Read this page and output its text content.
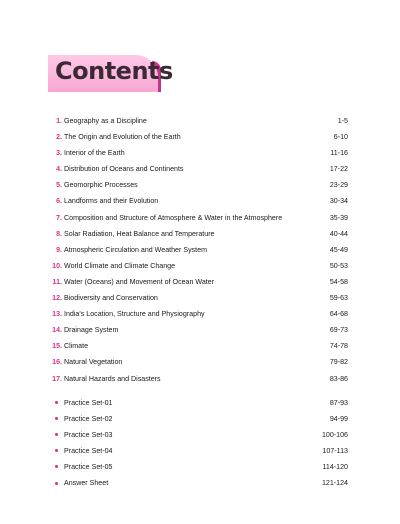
Contents
1. Geography as a Discipline	1-5
2. The Origin and Evolution of the Earth	6-10
3. Interior of the Earth	11-16
4. Distribution of Oceans and Continents	17-22
5. Geomorphic Processes	23-29
6. Landforms and their Evolution	30-34
7. Composition and Structure of Atmosphere & Water in the Atmosphere	35-39
8. Solar Radiation, Heat Balance and Temperature	40-44
9. Atmospheric Circulation and Weather System	45-49
10. World Climate and Climate Change	50-53
11. Water (Oceans) and Movement of Ocean Water	54-58
12. Biodiversity and Conservation	59-63
13. India's Location, Structure and Physiography	64-68
14. Drainage System	69-73
15. Climate	74-78
16. Natural Vegetation	79-82
17. Natural Hazards and Disasters	83-86
Practice Set-01	87-93
Practice Set-02	94-99
Practice Set-03	100-106
Practice Set-04	107-113
Practice Set-05	114-120
Answer Sheet	121-124
